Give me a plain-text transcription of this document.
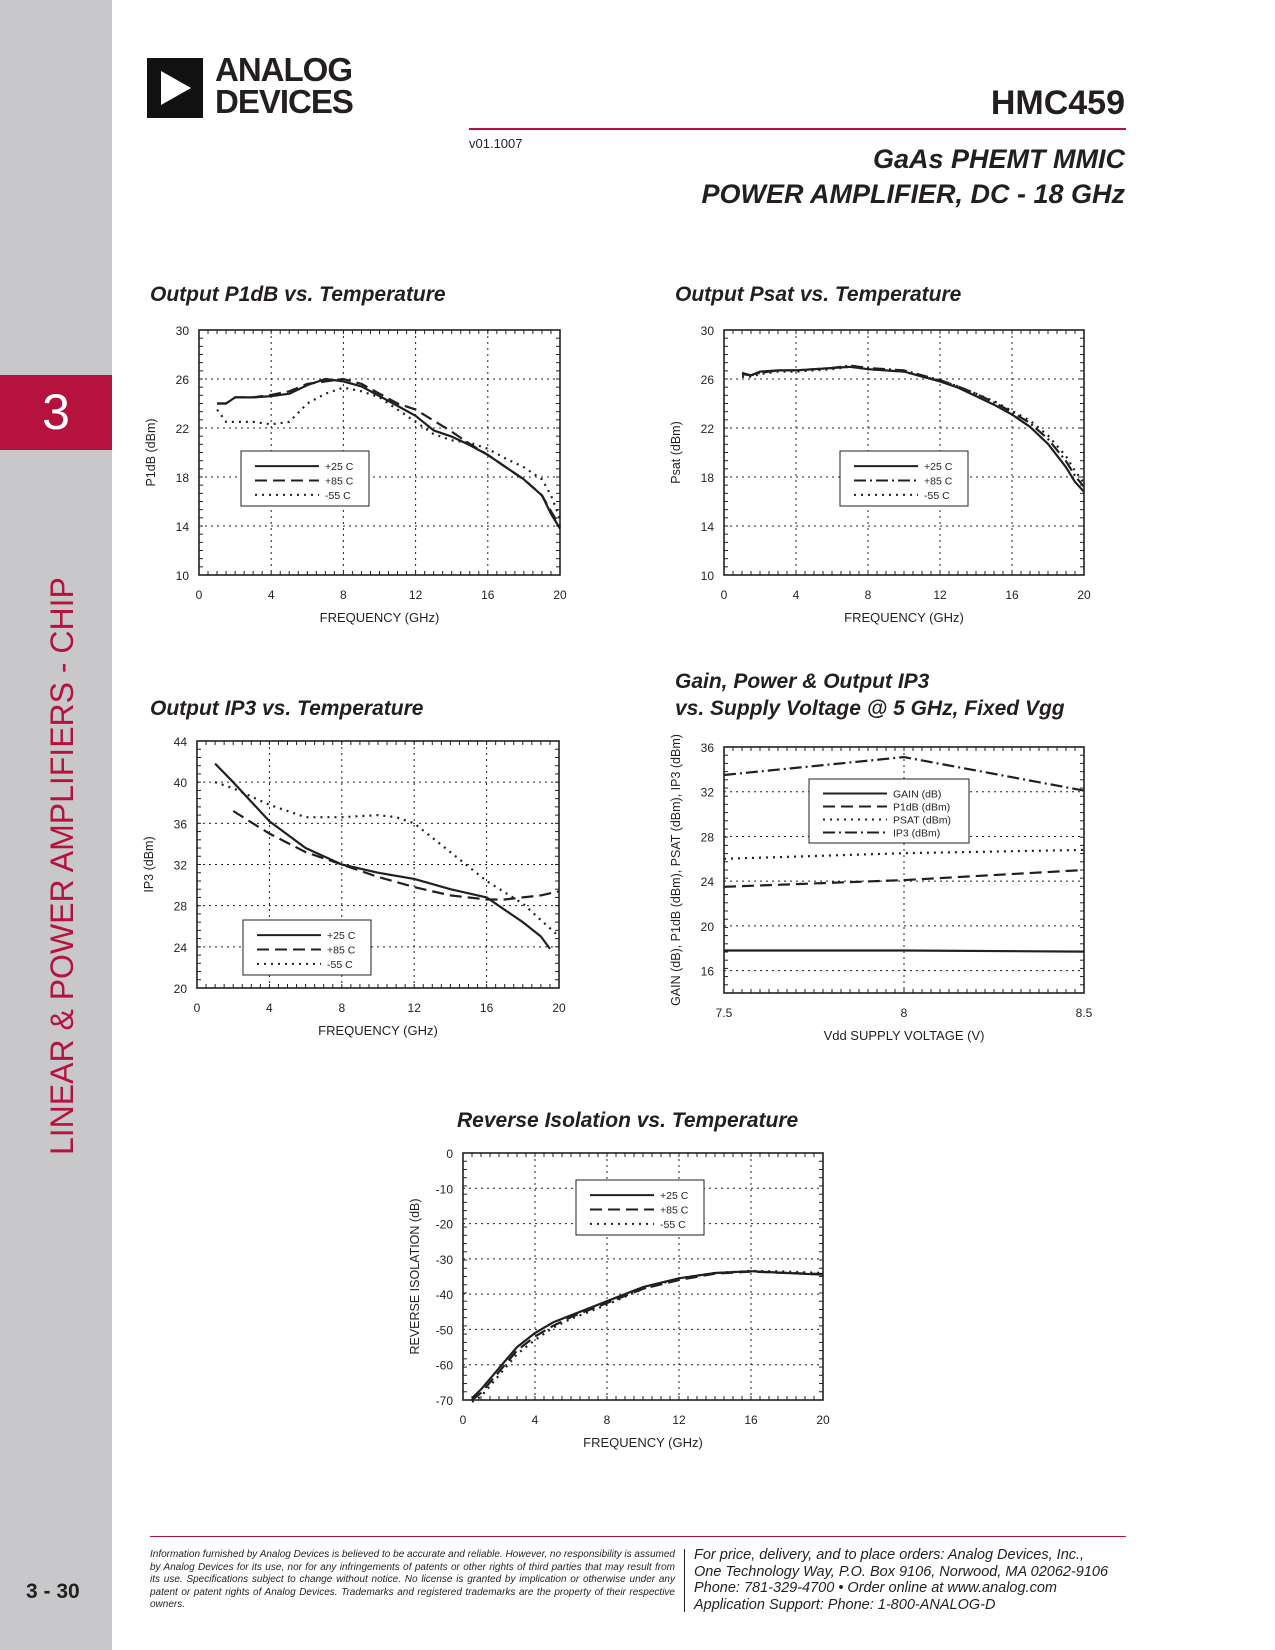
3
LINEAR & POWER AMPLIFIERS - CHIP
3 - 30
ANALOG
DEVICES	HMC459
v01.1007
GaAs PHEMT MMIC
POWER AMPLIFIER, DC - 18 GHz
Output P1dB vs. Temperature	Output Psat vs. Temperature
Output IP3 vs. Temperature
Gain, Power & Output IP3
vs. Supply Voltage @ 5 GHz, Fixed Vgg
Reverse Isolation vs. Temperature
0	4	8	12	16	20
10
14
18
22
26
30
+25 C
+85 C
-55 C
FREQUENCY (GHz)
P1dB (dBm)
0	4	8	12	16	20
10
14
18
22
26
30
+25 C
+85 C
-55 C
FREQUENCY (GHz)
Psat (dBm)
0	4	8	12	16	20
20
24
28
32
36
40
44
+25 C
+85 C
-55 C
FREQUENCY (GHz)
IP3 (dBm)
7.5	8	8.5
16
20
24
28
32
36
GAIN (dB)
P1dB (dBm)
PSAT (dBm)
IP3 (dBm)
Vdd SUPPLY VOLTAGE (V)
GAIN (dB), P1dB (dBm), PSAT (dBm), IP3 (dBm)
0	4	8	12	16	20
-70
-60
-50
-40
-30
-20
-10
0
+25 C
+85 C
-55 C
FREQUENCY (GHz)
REVERSE ISOLATION (dB)
Information furnished by Analog Devices is believed to be accurate and reliable. However, no responsibility is assumed by Analog Devices for its use, nor for any infringements of patents or other rights of third parties that may result from its use. Specifications subject to change without notice. No license is granted by implication or otherwise under any patent or patent rights of Analog Devices. Trademarks and registered trademarks are the property of their respective owners.
For price, delivery, and to place orders: Analog Devices, Inc.,
One Technology Way, P.O. Box 9106, Norwood, MA 02062-9106
Phone: 781-329-4700 • Order online at www.analog.com
Application Support: Phone: 1-800-ANALOG-D
